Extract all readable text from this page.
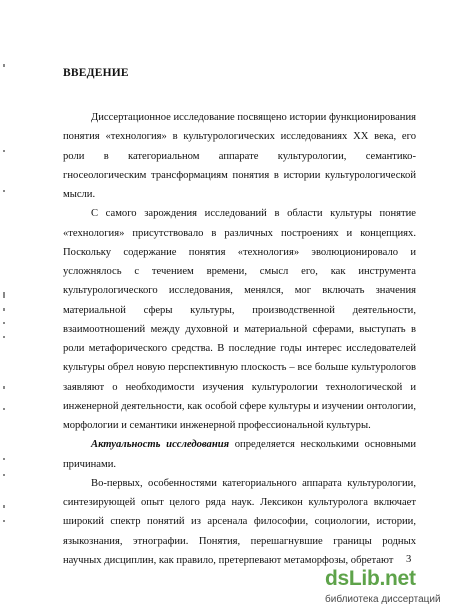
ВВЕДЕНИЕ

Диссертационное исследование посвящено истории функционирования понятия «технология» в культурологических исследованиях XX века, его роли в категориальном аппарате культурологии, семантико-гносеологическим трансформациям понятия в истории культурологической мысли.

С самого зарождения исследований в области культуры понятие «технология» присутствовало в различных построениях и концепциях. Поскольку содержание понятия «технология» эволюционировало и усложнялось с течением времени, смысл его, как инструмента культурологического исследования, менялся, мог включать значения материальной сферы культуры, производственной деятельности, взаимоотношений между духовной и материальной сферами, выступать в роли метафорического средства. В последние годы интерес исследователей культуры обрел новую перспективную плоскость – все больше культурологов заявляют о необходимости изучения культурологии технологической и инженерной деятельности, как особой сфере культуры и изучении онтологии, морфологии и семантики инженерной профессиональной культуры.

Актуальность исследования определяется несколькими основными причинами.

Во-первых, особенностями категориального аппарата культурологии, синтезирующей опыт целого ряда наук. Лексикон культуролога включает широкий спектр понятий из арсенала философии, социологии, истории, языкознания, этнографии. Понятия, перешагнувшие границы родных научных дисциплин, как правило, претерпевают метаморфозы, обретают	3
dsLib.net
библиотека диссертаций
